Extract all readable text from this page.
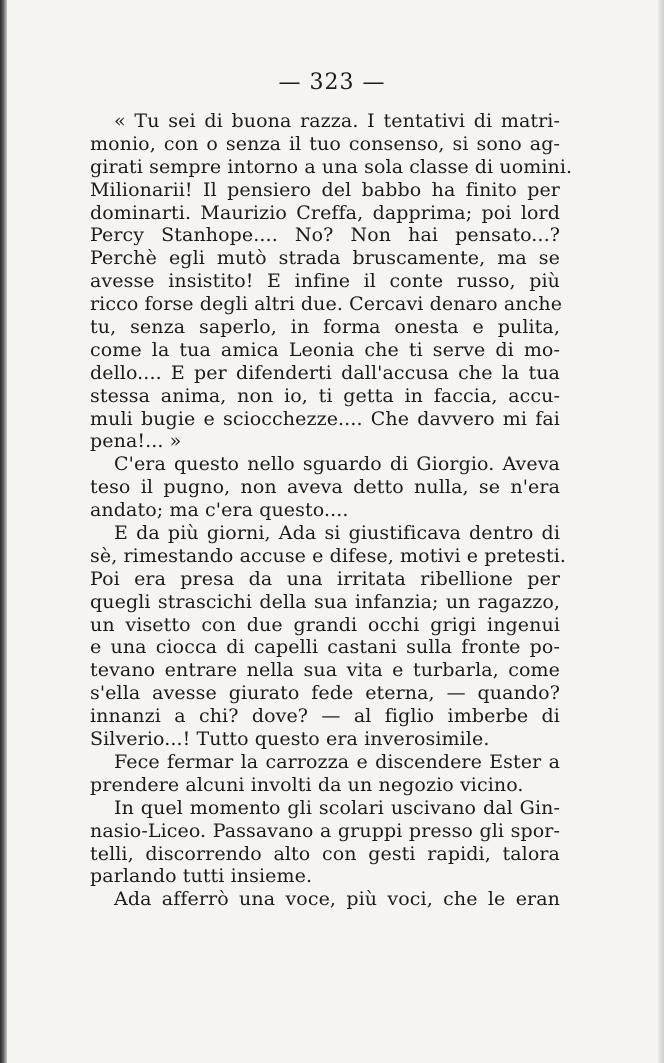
— 323 —
« Tu sei di buona razza. I tentativi di matri-
monio, con o senza il tuo consenso, si sono ag-
girati sempre intorno a una sola classe di uomini.
Milionarii! Il pensiero del babbo ha finito per
dominarti. Maurizio Creffa, dapprima; poi lord
Percy Stanhope.... No? Non hai pensato...?
Perchè egli mutò strada bruscamente, ma se
avesse insistito! E infine il conte russo, più
ricco forse degli altri due. Cercavi denaro anche
tu, senza saperlo, in forma onesta e pulita,
come la tua amica Leonia che ti serve di mo-
dello.... E per difenderti dall'accusa che la tua
stessa anima, non io, ti getta in faccia, accu-
muli bugie e sciocchezze.... Che davvero mi fai
pena!... »
C'era questo nello sguardo di Giorgio. Aveva
teso il pugno, non aveva detto nulla, se n'era
andato; ma c'era questo....
E da più giorni, Ada si giustificava dentro di
sè, rimestando accuse e difese, motivi e pretesti.
Poi era presa da una irritata ribellione per
quegli strascichi della sua infanzia; un ragazzo,
un visetto con due grandi occhi grigi ingenui
e una ciocca di capelli castani sulla fronte po-
tevano entrare nella sua vita e turbarla, come
s'ella avesse giurato fede eterna, — quando?
innanzi a chi? dove? — al figlio imberbe di
Silverio...! Tutto questo era inverosimile.
Fece fermar la carrozza e discendere Ester a
prendere alcuni involti da un negozio vicino.
In quel momento gli scolari uscivano dal Gin-
nasio-Liceo. Passavano a gruppi presso gli spor-
telli, discorrendo alto con gesti rapidi, talora
parlando tutti insieme.
Ada afferrò una voce, più voci, che le eran
